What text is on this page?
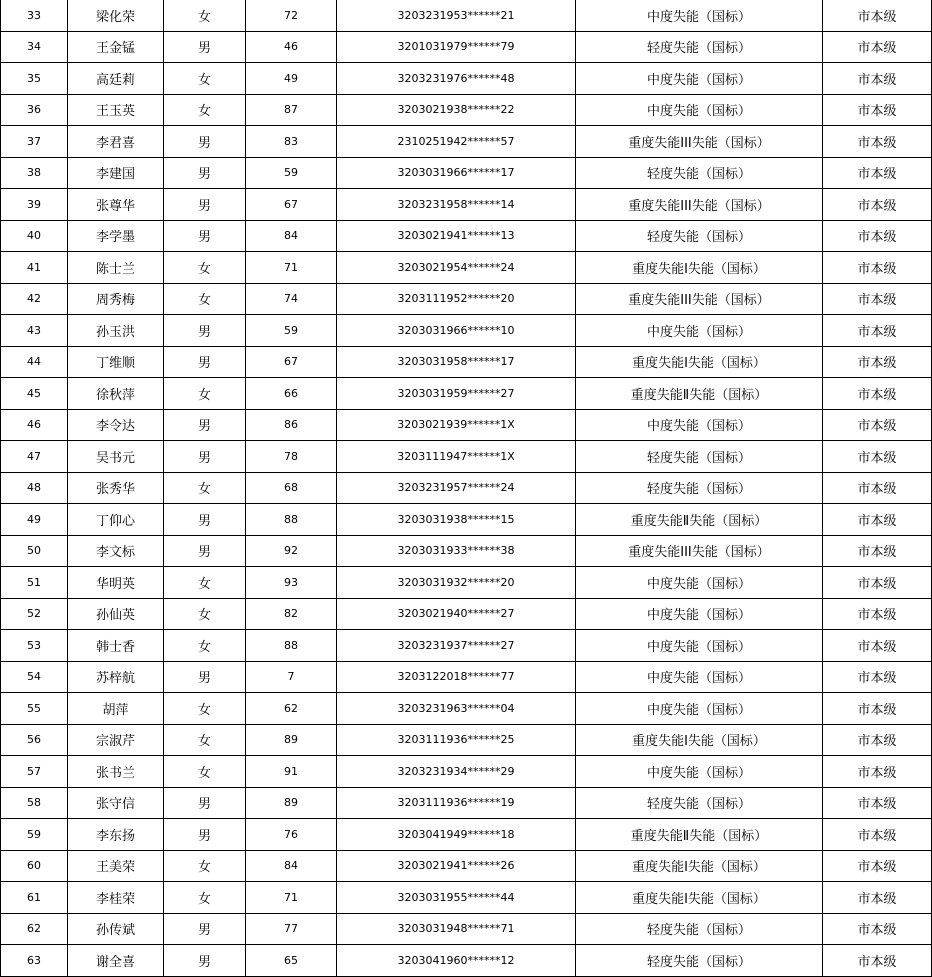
33	梁化荣	女	72	3203231953******21	中度失能（国标）	市本级
34	王金锰	男	46	3201031979******79	轻度失能（国标）	市本级
35	高廷莉	女	49	3203231976******48	中度失能（国标）	市本级
36	王玉英	女	87	3203021938******22	中度失能（国标）	市本级
37	李君喜	男	83	2310251942******57	重度失能III失能（国标）	市本级
38	李建国	男	59	3203031966******17	轻度失能（国标）	市本级
39	张尊华	男	67	3203231958******14	重度失能III失能（国标）	市本级
40	李学墨	男	84	3203021941******13	轻度失能（国标）	市本级
41	陈士兰	女	71	3203021954******24	重度失能Ⅰ失能（国标）	市本级
42	周秀梅	女	74	3203111952******20	重度失能III失能（国标）	市本级
43	孙玉洪	男	59	3203031966******10	中度失能（国标）	市本级
44	丁维顺	男	67	3203031958******17	重度失能Ⅰ失能（国标）	市本级
45	徐秋萍	女	66	3203031959******27	重度失能Ⅱ失能（国标）	市本级
46	李令达	男	86	3203021939******1X	中度失能（国标）	市本级
47	吴书元	男	78	3203111947******1X	轻度失能（国标）	市本级
48	张秀华	女	68	3203231957******24	轻度失能（国标）	市本级
49	丁仰心	男	88	3203031938******15	重度失能Ⅱ失能（国标）	市本级
50	李文标	男	92	3203031933******38	重度失能III失能（国标）	市本级
51	华明英	女	93	3203031932******20	中度失能（国标）	市本级
52	孙仙英	女	82	3203021940******27	中度失能（国标）	市本级
53	韩士香	女	88	3203231937******27	中度失能（国标）	市本级
54	苏梓航	男	7	3203122018******77	中度失能（国标）	市本级
55	胡萍	女	62	3203231963******04	中度失能（国标）	市本级
56	宗淑芹	女	89	3203111936******25	重度失能Ⅰ失能（国标）	市本级
57	张书兰	女	91	3203231934******29	中度失能（国标）	市本级
58	张守信	男	89	3203111936******19	轻度失能（国标）	市本级
59	李东扬	男	76	3203041949******18	重度失能Ⅱ失能（国标）	市本级
60	王美荣	女	84	3203021941******26	重度失能Ⅰ失能（国标）	市本级
61	李桂荣	女	71	3203031955******44	重度失能Ⅰ失能（国标）	市本级
62	孙传斌	男	77	3203031948******71	轻度失能（国标）	市本级
63	谢全喜	男	65	3203041960******12	轻度失能（国标）	市本级
